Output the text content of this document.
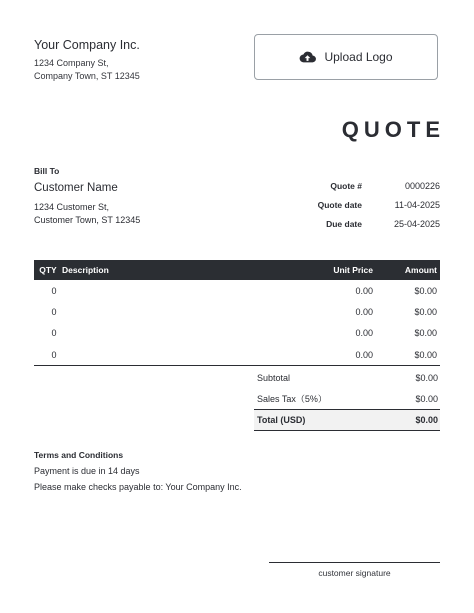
Your Company Inc.
1234 Company St,
Company Town, ST 12345
Upload Logo
QUOTE
Bill To
Customer Name
1234 Customer St,
Customer Town, ST 12345
Quote #	0000226
Quote date	11-04-2025
Due date	25-04-2025
QTY Description	Unit Price	Amount
0	0.00	$0.00
0	0.00	$0.00
0	0.00	$0.00
0	0.00	$0.00
Subtotal	$0.00
Sales Tax（5%）	$0.00
Total (USD)	$0.00
Terms and Conditions
Payment is due in 14 days
Please make checks payable to: Your Company Inc.
customer signature
